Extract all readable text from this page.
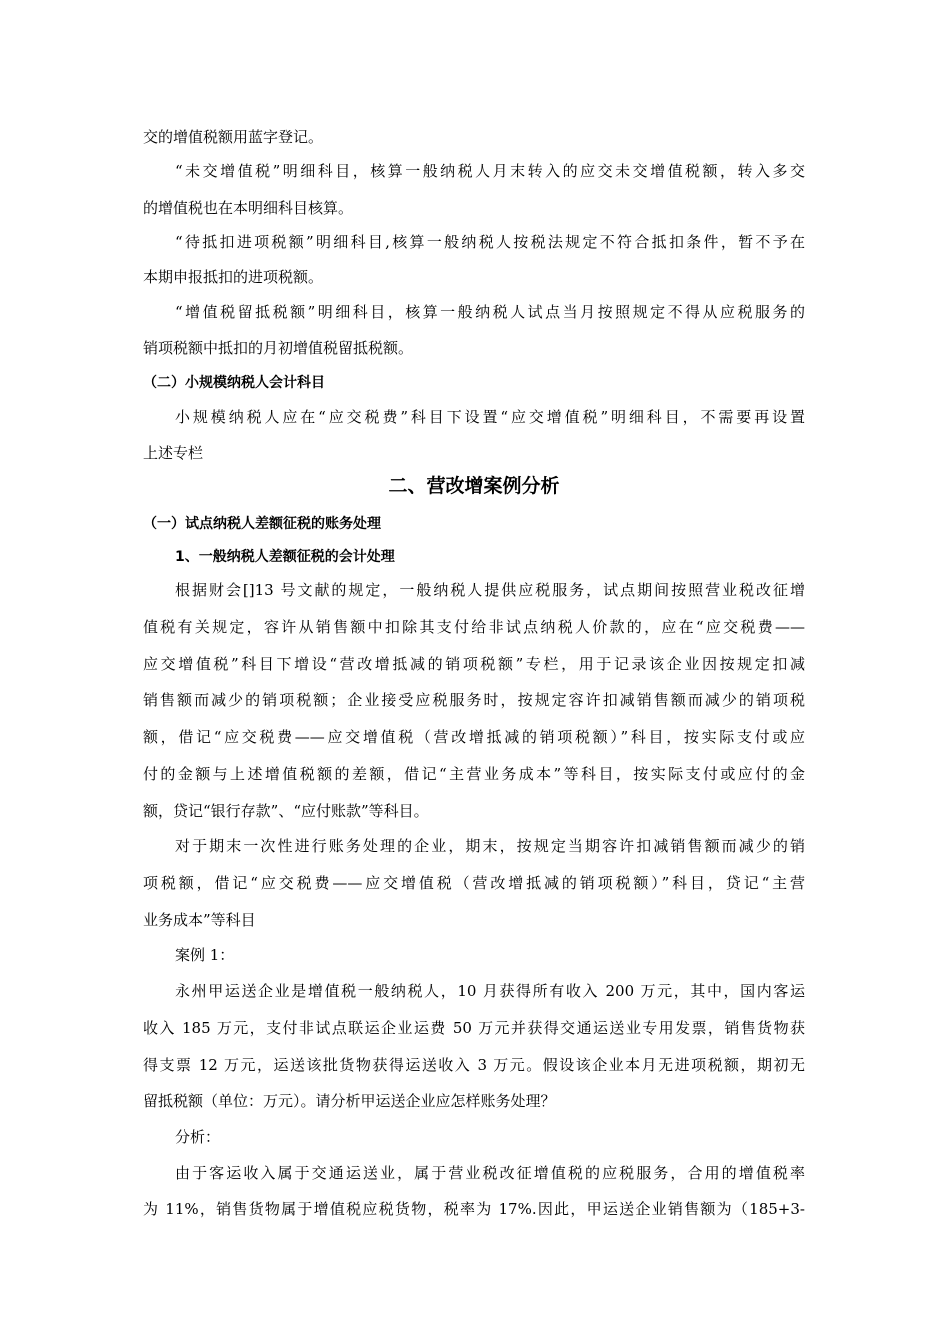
交的增值税额用蓝字登记。
“未交增值税”明细科目，核算一般纳税人月末转入的应交未交增值税额，转入多交
的增值税也在本明细科目核算。
“待抵扣进项税额”明细科目,核算一般纳税人按税法规定不符合抵扣条件，暂不予在
本期申报抵扣的进项税额。
“增值税留抵税额”明细科目，核算一般纳税人试点当月按照规定不得从应税服务的
销项税额中抵扣的月初增值税留抵税额。
（二）小规模纳税人会计科目
小规模纳税人应在“应交税费”科目下设置“应交增值税”明细科目，不需要再设置
上述专栏
二、营改增案例分析
（一）试点纳税人差额征税的账务处理
1、一般纳税人差额征税的会计处理
根据财会[]13 号文献的规定，一般纳税人提供应税服务，试点期间按照营业税改征增
值税有关规定，容许从销售额中扣除其支付给非试点纳税人价款的，应在“应交税费——
应交增值税”科目下增设“营改增抵减的销项税额”专栏，用于记录该企业因按规定扣减
销售额而减少的销项税额；企业接受应税服务时，按规定容许扣减销售额而减少的销项税
额，借记“应交税费——应交增值税（营改增抵减的销项税额）”科目，按实际支付或应
付的金额与上述增值税额的差额，借记“主营业务成本”等科目，按实际支付或应付的金
额，贷记“银行存款”、“应付账款”等科目。
对于期末一次性进行账务处理的企业，期末，按规定当期容许扣减销售额而减少的销
项税额，借记“应交税费——应交增值税（营改增抵减的销项税额）”科目，贷记“主营
业务成本”等科目
案例 1：
永州甲运送企业是增值税一般纳税人，10 月获得所有收入 200 万元，其中，国内客运
收入 185 万元，支付非试点联运企业运费 50 万元并获得交通运送业专用发票，销售货物获
得支票 12 万元，运送该批货物获得运送收入 3 万元。假设该企业本月无进项税额，期初无
留抵税额（单位：万元）。请分析甲运送企业应怎样账务处理？
分析：
由于客运收入属于交通运送业，属于营业税改征增值税的应税服务，合用的增值税率
为 11%，销售货物属于增值税应税货物，税率为 17%.因此，甲运送企业销售额为（185+3-
